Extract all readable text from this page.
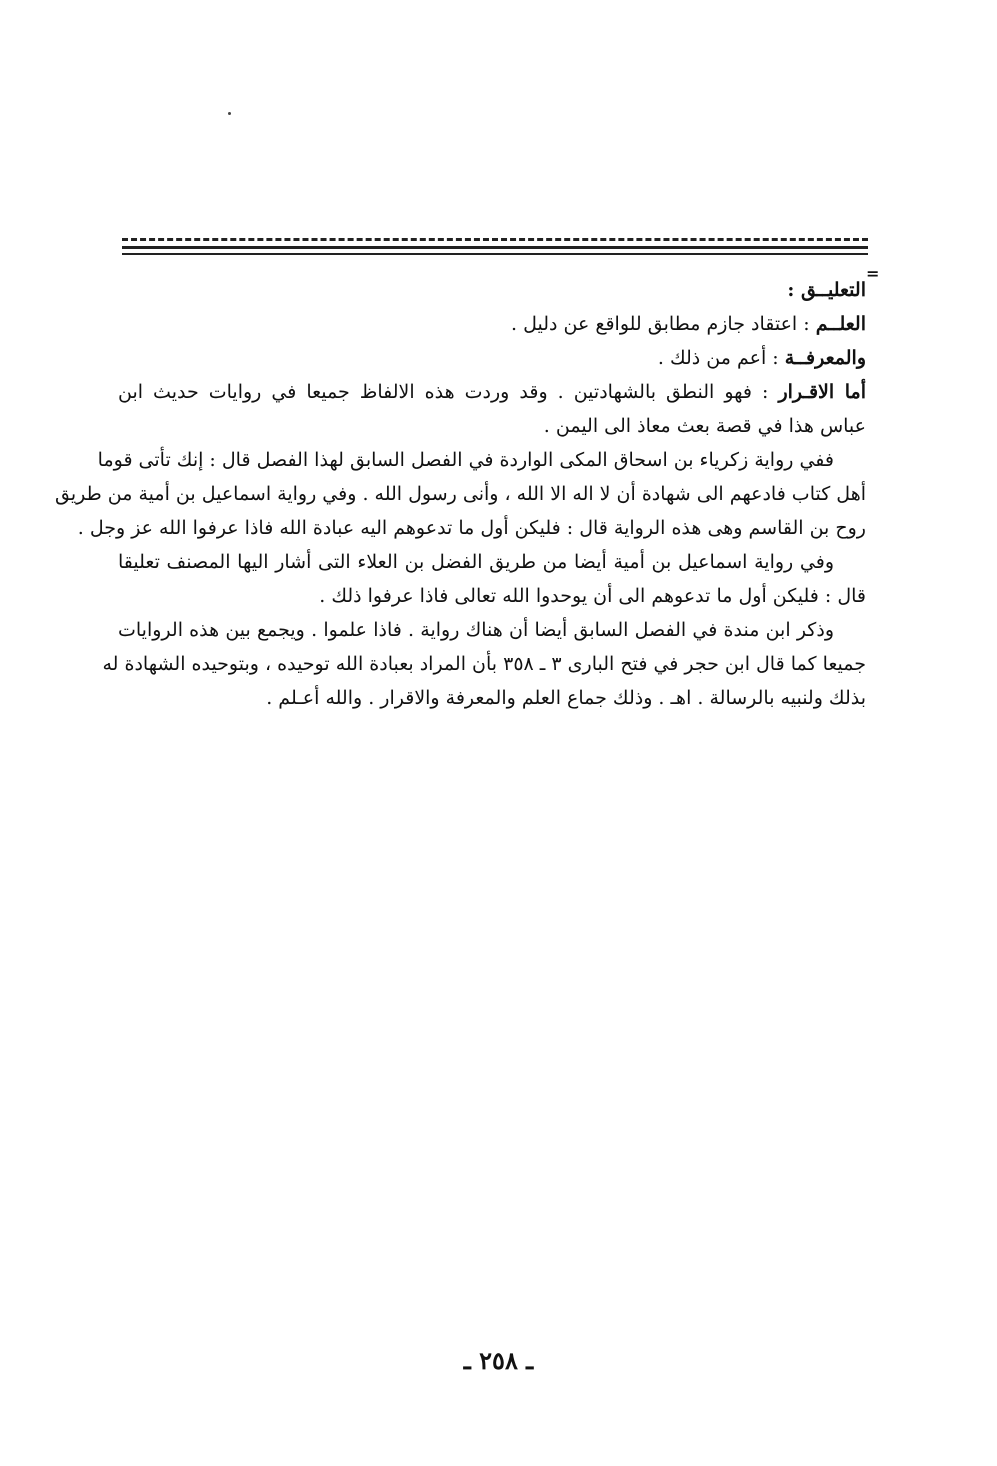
=
التعليــق :
العلــم : اعتقاد جازم مطابق للواقع عن دليل .
والمعرفــة : أعم من ذلك .
أما الاقـرار : فهو النطق بالشهادتين . وقد وردت هذه الالفاظ جميعا في روايات حديث ابن
عباس هذا في قصة بعث معاذ الى اليمن .
ففي رواية زكرياء بن اسحاق المكى الواردة في الفصل السابق لهذا الفصل قال : إنك تأتى قوما
أهل كتاب فادعهم الى شهادة أن لا اله الا الله ، وأنى رسول الله . وفي رواية اسماعيل بن أمية من طريق
روح بن القاسم وهى هذه الرواية قال : فليكن أول ما تدعوهم اليه عبادة الله فاذا عرفوا الله عز وجل .
وفي رواية اسماعيل بن أمية أيضا من طريق الفضل بن العلاء التى أشار اليها المصنف تعليقا
قال : فليكن أول ما تدعوهم الى أن يوحدوا الله تعالى فاذا عرفوا ذلك .
وذكر ابن مندة في الفصل السابق أيضا أن هناك رواية . فاذا علموا . ويجمع بين هذه الروايات
جميعا كما قال ابن حجر في فتح البارى ٣ ـ ٣٥٨ بأن المراد بعبادة الله توحيده ، وبتوحيده الشهادة له
بذلك ولنبيه بالرسالة . اهـ . وذلك جماع العلم والمعرفة والاقرار . والله أعـلم .
ـ ٢٥٨ ـ
